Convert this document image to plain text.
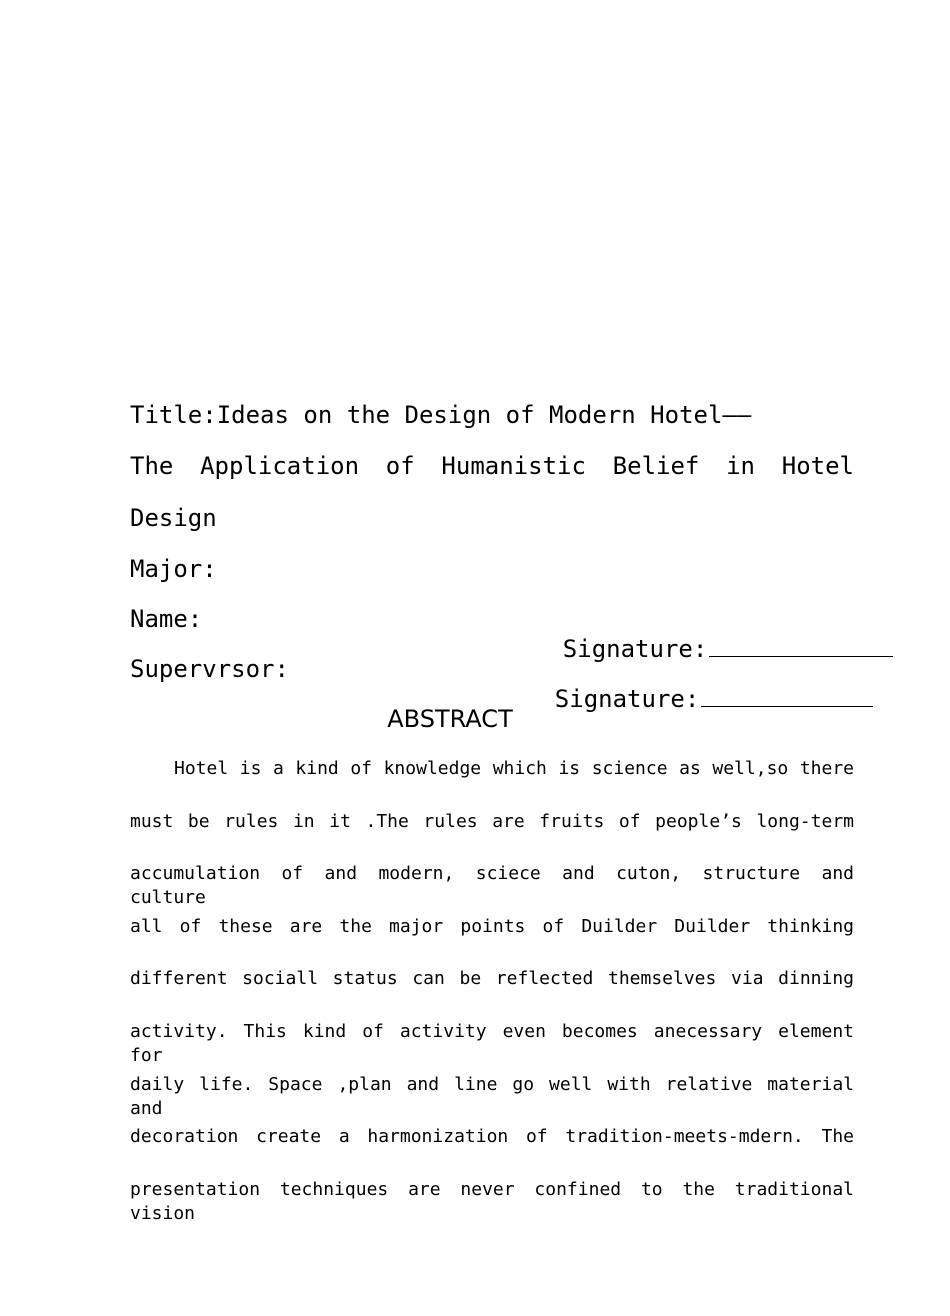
Title:Ideas on the Design of Modern Hotel——

The Application of Humanistic Belief in Hotel

Design

Major:

Name:

Signature:

Supervrsor:

Signature:

ABSTRACT

Hotel is a kind of knowledge which is science as well,so there

must be rules in it .The rules are fruits of people’s long-term

accumulation of and modern, sciece and cuton, structure and culture

all of these are the major points of Duilder Duilder thinking

different sociall status can be reflected themselves via dinning

activity. This kind of activity even becomes anecessary element for

daily life. Space ,plan and line go well with relative material and

decoration create a harmonization of tradition-meets-mdern. The

presentation techniques are never confined to the traditional vision
